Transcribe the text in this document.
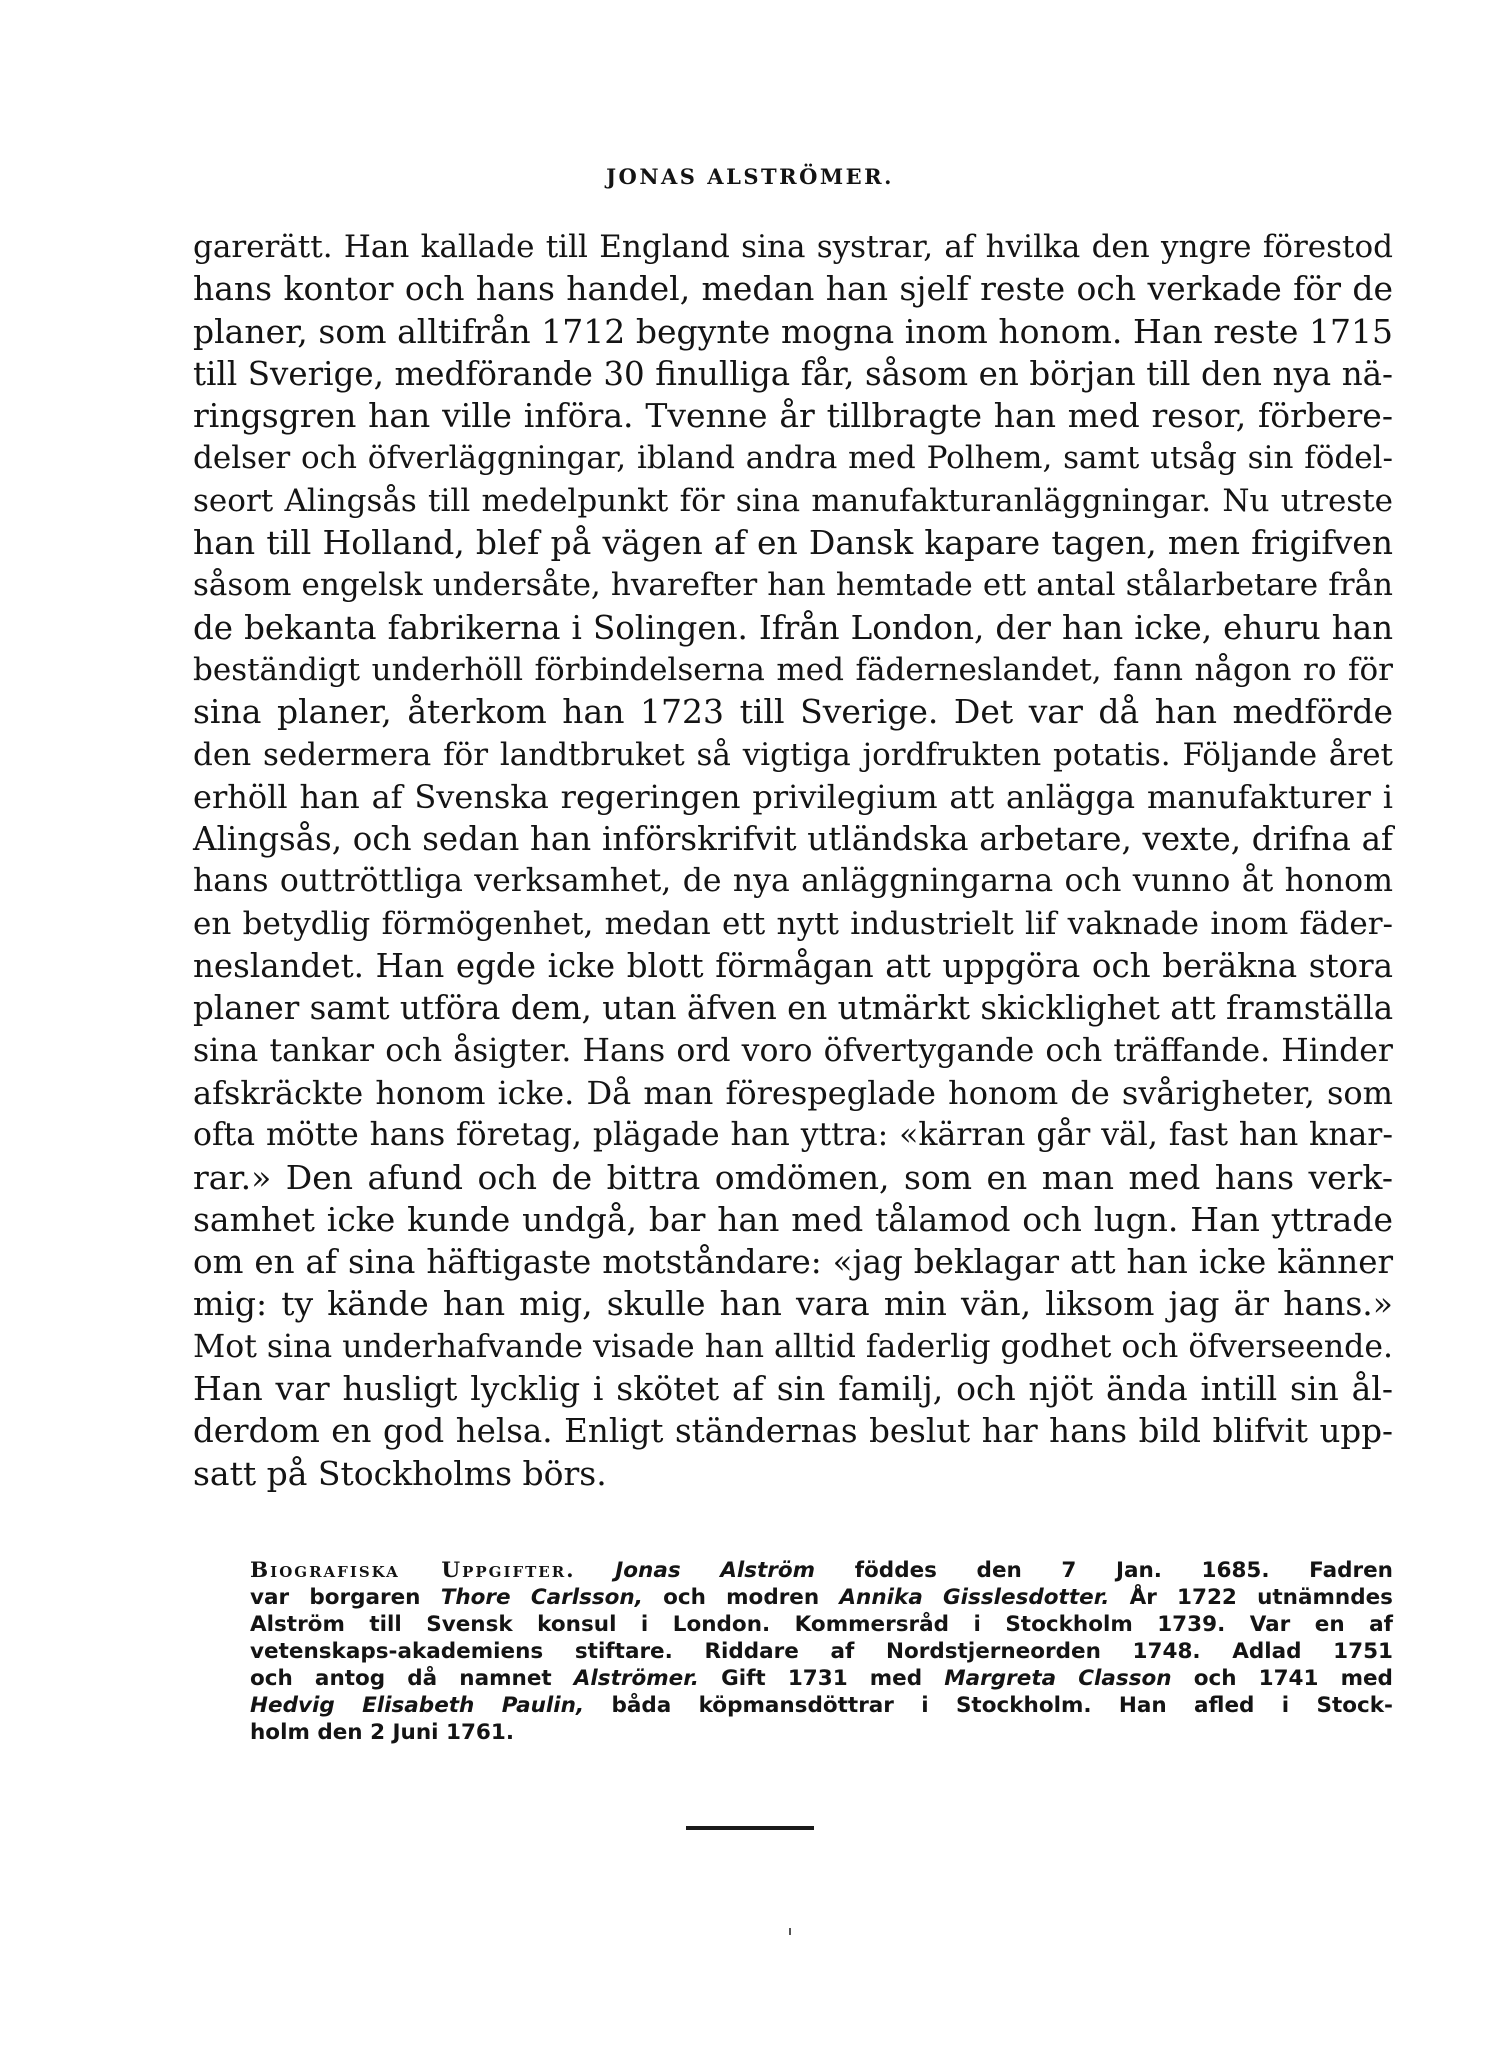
JONAS ALSTRÖMER.
garerätt. Han kallade till England sina systrar, af hvilka den yngre förestod
hans kontor och hans handel, medan han sjelf reste och verkade för de
planer, som alltifrån 1712 begynte mogna inom honom. Han reste 1715
till Sverige, medförande 30 finulliga får, såsom en början till den nya nä-
ringsgren han ville införa. Tvenne år tillbragte han med resor, förbere-
delser och öfverläggningar, ibland andra med Polhem, samt utsåg sin födel-
seort Alingsås till medelpunkt för sina manufakturanläggningar. Nu utreste
han till Holland, blef på vägen af en Dansk kapare tagen, men frigifven
såsom engelsk undersåte, hvarefter han hemtade ett antal stålarbetare från
de bekanta fabrikerna i Solingen. Ifrån London, der han icke, ehuru han
beständigt underhöll förbindelserna med fäderneslandet, fann någon ro för
sina planer, återkom han 1723 till Sverige. Det var då han medförde
den sedermera för landtbruket så vigtiga jordfrukten potatis. Följande året
erhöll han af Svenska regeringen privilegium att anlägga manufakturer i
Alingsås, och sedan han införskrifvit utländska arbetare, vexte, drifna af
hans outtröttliga verksamhet, de nya anläggningarna och vunno åt honom
en betydlig förmögenhet, medan ett nytt industrielt lif vaknade inom fäder-
neslandet. Han egde icke blott förmågan att uppgöra och beräkna stora
planer samt utföra dem, utan äfven en utmärkt skicklighet att framställa
sina tankar och åsigter. Hans ord voro öfvertygande och träffande. Hinder
afskräckte honom icke. Då man förespeglade honom de svårigheter, som
ofta mötte hans företag, plägade han yttra: «kärran går väl, fast han knar-
rar.» Den afund och de bittra omdömen, som en man med hans verk-
samhet icke kunde undgå, bar han med tålamod och lugn. Han yttrade
om en af sina häftigaste motståndare: «jag beklagar att han icke känner
mig: ty kände han mig, skulle han vara min vän, liksom jag är hans.»
Mot sina underhafvande visade han alltid faderlig godhet och öfverseende.
Han var husligt lycklig i skötet af sin familj, och njöt ända intill sin ål-
derdom en god helsa. Enligt ständernas beslut har hans bild blifvit upp-
satt på Stockholms börs.
Biografiska Uppgifter. Jonas Alström föddes den 7 Jan. 1685. Fadren
var borgaren Thore Carlsson, och modren Annika Gisslesdotter. År 1722 utnämndes
Alström till Svensk konsul i London. Kommersråd i Stockholm 1739. Var en af
vetenskaps-akademiens stiftare. Riddare af Nordstjerneorden 1748. Adlad 1751
och antog då namnet Alströmer. Gift 1731 med Margreta Classon och 1741 med
Hedvig Elisabeth Paulin, båda köpmansdöttrar i Stockholm. Han afled i Stock-
holm den 2 Juni 1761.
